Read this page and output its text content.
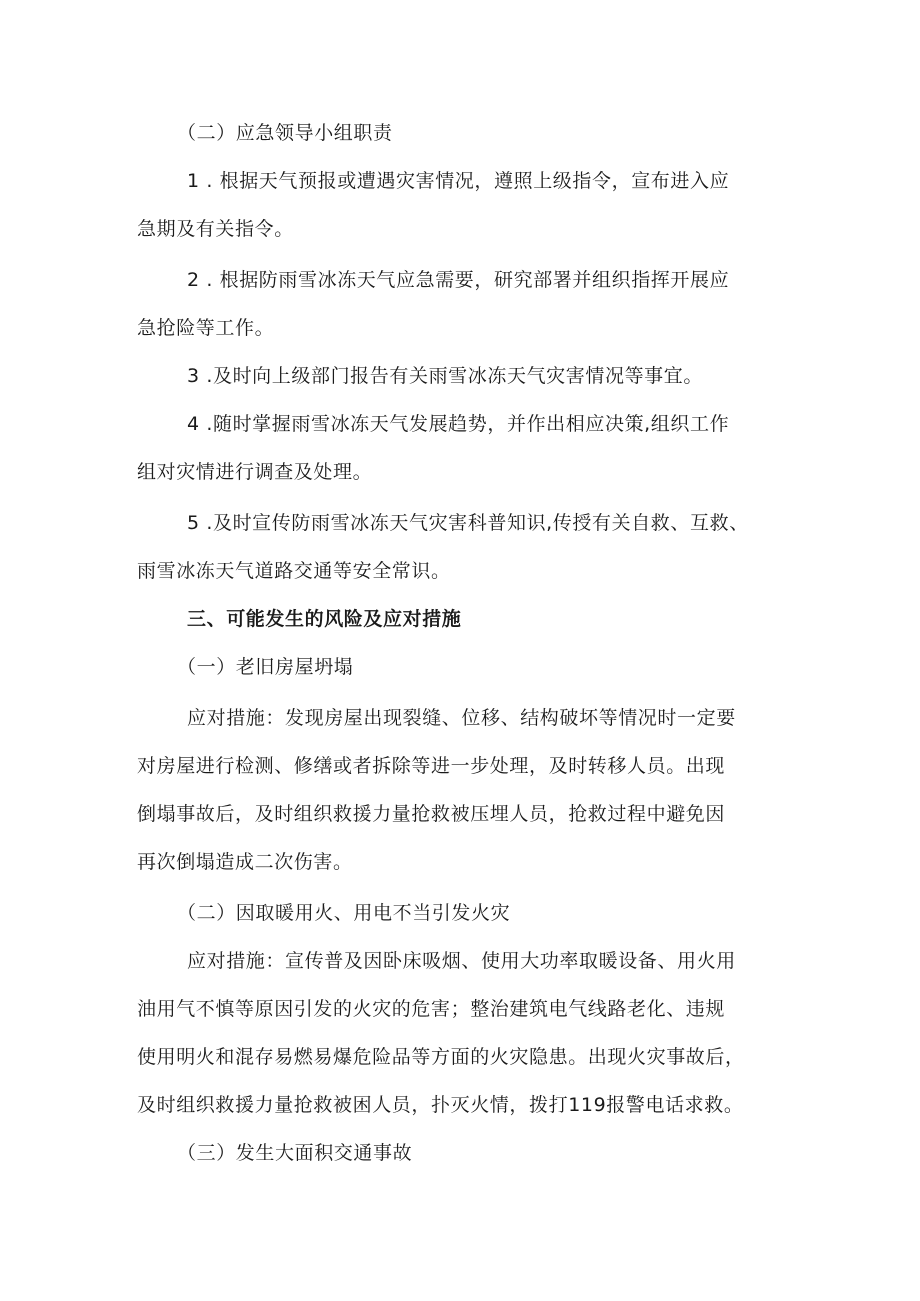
（二）应急领导小组职责
1 . 根据天气预报或遭遇灾害情况，遵照上级指令，宣布进入应
急期及有关指令。
2 . 根据防雨雪冰冻天气应急需要，研究部署并组织指挥开展应
急抢险等工作。
3 .及时向上级部门报告有关雨雪冰冻天气灾害情况等事宜。
4 .随时掌握雨雪冰冻天气发展趋势，并作出相应决策,组织工作
组对灾情进行调查及处理。
5 .及时宣传防雨雪冰冻天气灾害科普知识,传授有关自救、互救、
雨雪冰冻天气道路交通等安全常识。
三、可能发生的风险及应对措施
（一）老旧房屋坍塌
应对措施：发现房屋出现裂缝、位移、结构破坏等情况时一定要
对房屋进行检测、修缮或者拆除等进一步处理，及时转移人员。出现
倒塌事故后，及时组织救援力量抢救被压埋人员，抢救过程中避免因
再次倒塌造成二次伤害。
（二）因取暖用火、用电不当引发火灾
应对措施：宣传普及因卧床吸烟、使用大功率取暖设备、用火用
油用气不慎等原因引发的火灾的危害；整治建筑电气线路老化、违规
使用明火和混存易燃易爆危险品等方面的火灾隐患。出现火灾事故后，
及时组织救援力量抢救被困人员，扑灭火情，拨打119报警电话求救。
（三）发生大面积交通事故
